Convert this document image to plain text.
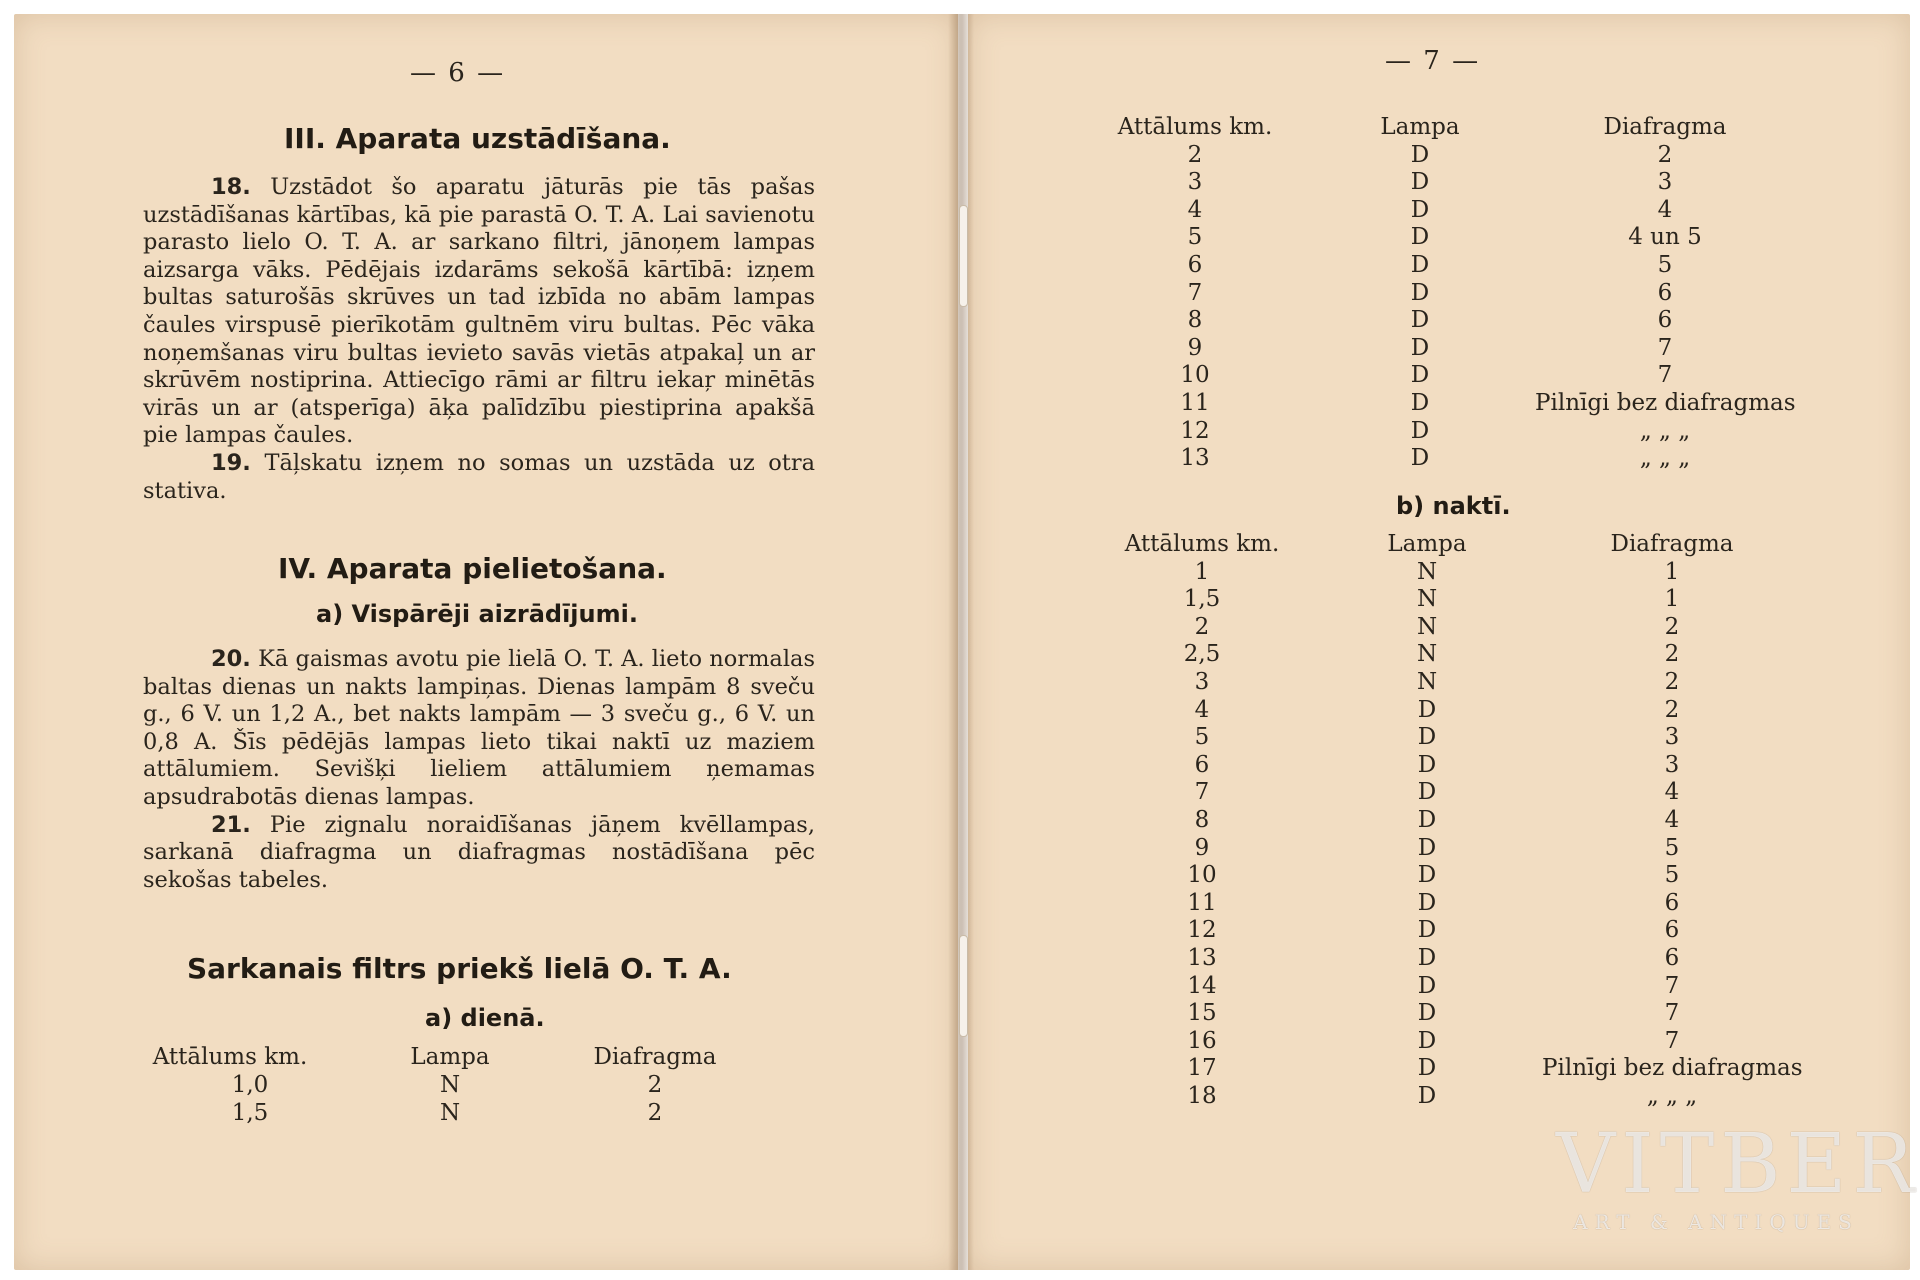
— 6 —
III. Aparata uzstādīšana.

18. Uzstādot šo aparatu jāturās pie tās pašas uzstādīšanas kārtības, kā pie parastā O. T. A. Lai savienotu parasto lielo O. T. A. ar sarkano filtri, jānoņem lampas aizsarga vāks. Pēdējais izdarāms sekošā kārtībā: izņem bultas saturošās skrūves un tad izbīda no abām lampas čaules virspusē pierīkotām gultnēm viru bultas. Pēc vāka noņemšanas viru bultas ievieto savās vietās atpakaļ un ar skrūvēm nostiprina. Attiecīgo rāmi ar filtru iekaŗ minētās virās un ar (atsperīga) āķa palīdzību piestiprina apakšā pie lampas čaules.

19. Tāļskatu izņem no somas un uzstāda uz otra stativa.

IV. Aparata pielietošana.
a) Vispārēji aizrādījumi.

20. Kā gaismas avotu pie lielā O. T. A. lieto normalas baltas dienas un nakts lampiņas. Dienas lampām 8 sveču g., 6 V. un 1,2 A., bet nakts lampām — 3 sveču g., 6 V. un 0,8 A. Šīs pēdējās lampas lieto tikai naktī uz maziem attālumiem. Sevišķi lieliem attālumiem ņemamas apsudrabotās dienas lampas.

21. Pie zignalu noraidīšanas jāņem kvēllampas, sarkanā diafragma un diafragmas nostādīšana pēc sekošas tabeles.

Sarkanais filtrs priekš lielā O. T. A.
a) dienā.
Attālums km.	Lampa	Diafragma
1,0	N	2
1,5	N	2
— 7 —
Attālums km.	Lampa	Diafragma
2	D	2
3	D	3
4	D	4
5	D	4 un 5
6	D	5
7	D	6
8	D	6
9	D	7
10	D	7
11	D	Pilnīgi bez diafragmas
12	D	„ „ „
13	D	„ „ „
b) naktī.
Attālums km.	Lampa	Diafragma
1	N	1
1,5	N	1
2	N	2
2,5	N	2
3	N	2
4	D	2
5	D	3
6	D	3
7	D	4
8	D	4
9	D	5
10	D	5
11	D	6
12	D	6
13	D	6
14	D	7
15	D	7
16	D	7
17	D	Pilnīgi bez diafragmas
18	D	„ „ „
VITBER
ART & ANTIQUES
